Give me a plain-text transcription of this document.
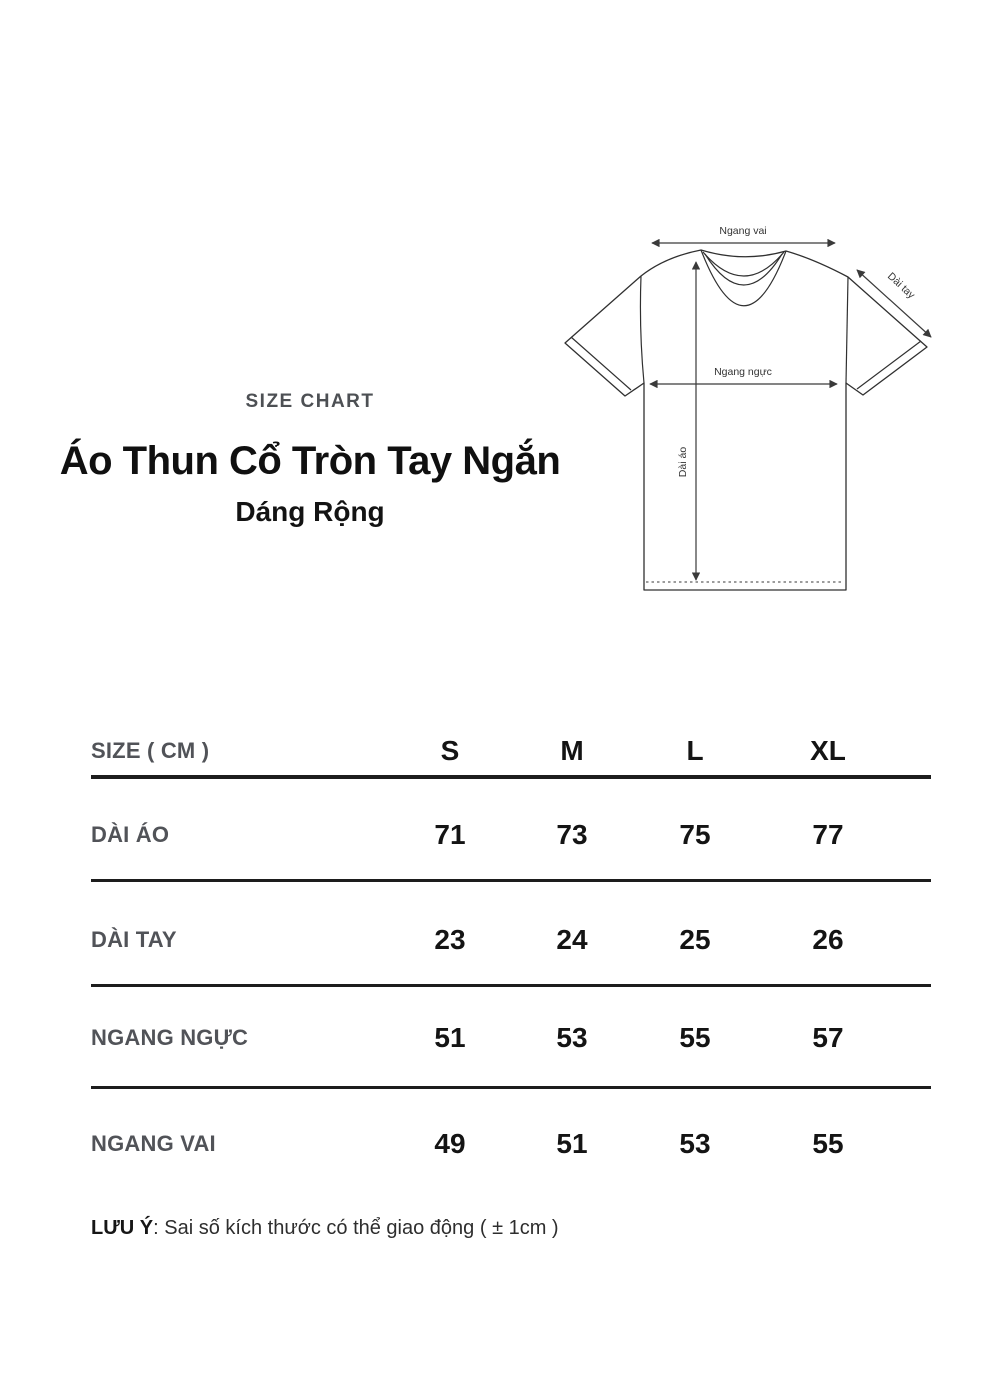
SIZE CHART
Áo Thun Cổ Tròn Tay Ngắn
Dáng Rộng
Ngang vai
Dài tay
Ngang ngực
Dài áo
SIZE ( CM )	S	M	L	XL
DÀI ÁO	71	73	75	77
DÀI TAY	23	24	25	26
NGANG NGỰC	51	53	55	57
NGANG VAI	49	51	53	55

LƯU Ý: Sai số kích thước có thể giao động ( ± 1cm )
